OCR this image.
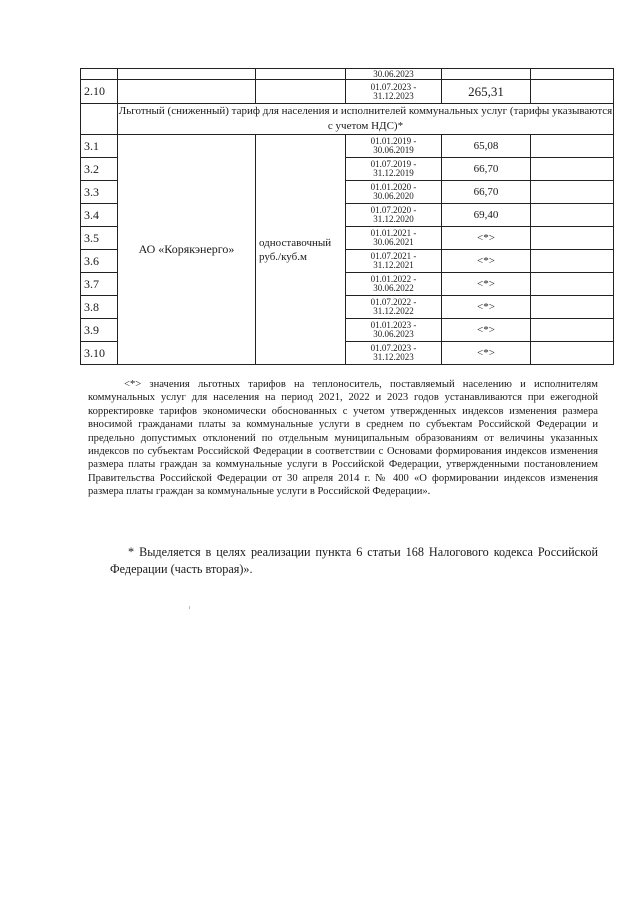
			30.06.2023		
2.10			01.07.2023 -
31.12.2023	265,31	
	Льготный (сниженный) тариф для населения и исполнителей коммунальных услуг (тарифы указываются с учетом НДС)*				
3.1	АО «Корякэнерго»	одноставочный руб./куб.м	01.01.2019 -
30.06.2019	65,08	
3.2			01.07.2019 -
31.12.2019	66,70	
3.3			01.01.2020 -
30.06.2020	66,70	
3.4			01.07.2020 -
31.12.2020	69,40	
3.5			01.01.2021 -
30.06.2021	<*>	
3.6			01.07.2021 -
31.12.2021	<*>	
3.7			01.01.2022 -
30.06.2022	<*>	
3.8			01.07.2022 -
31.12.2022	<*>	
3.9			01.01.2023 -
30.06.2023	<*>	
3.10			01.07.2023 -
31.12.2023	<*>	

<*> значения льготных тарифов на теплоноситель, поставляемый населению и исполнителям коммунальных услуг для населения на период 2021, 2022 и 2023 годов устанавливаются при ежегодной корректировке тарифов экономически обоснованных с учетом утвержденных индексов изменения размера вносимой гражданами платы за коммунальные услуги в среднем по субъектам Российской Федерации и предельно допустимых отклонений по отдельным муниципальным образованиям от величины указанных индексов по субъектам Российской Федерации в соответствии с Основами формирования индексов изменения размера платы граждан за коммунальные услуги в Российской Федерации, утвержденными постановлением Правительства Российской Федерации от 30 апреля 2014 г. № 400 «О формировании индексов изменения размера платы граждан за коммунальные услуги в Российской Федерации».

* Выделяется в целях реализации пункта 6 статьи 168 Налогового кодекса Российской Федерации (часть вторая)».
